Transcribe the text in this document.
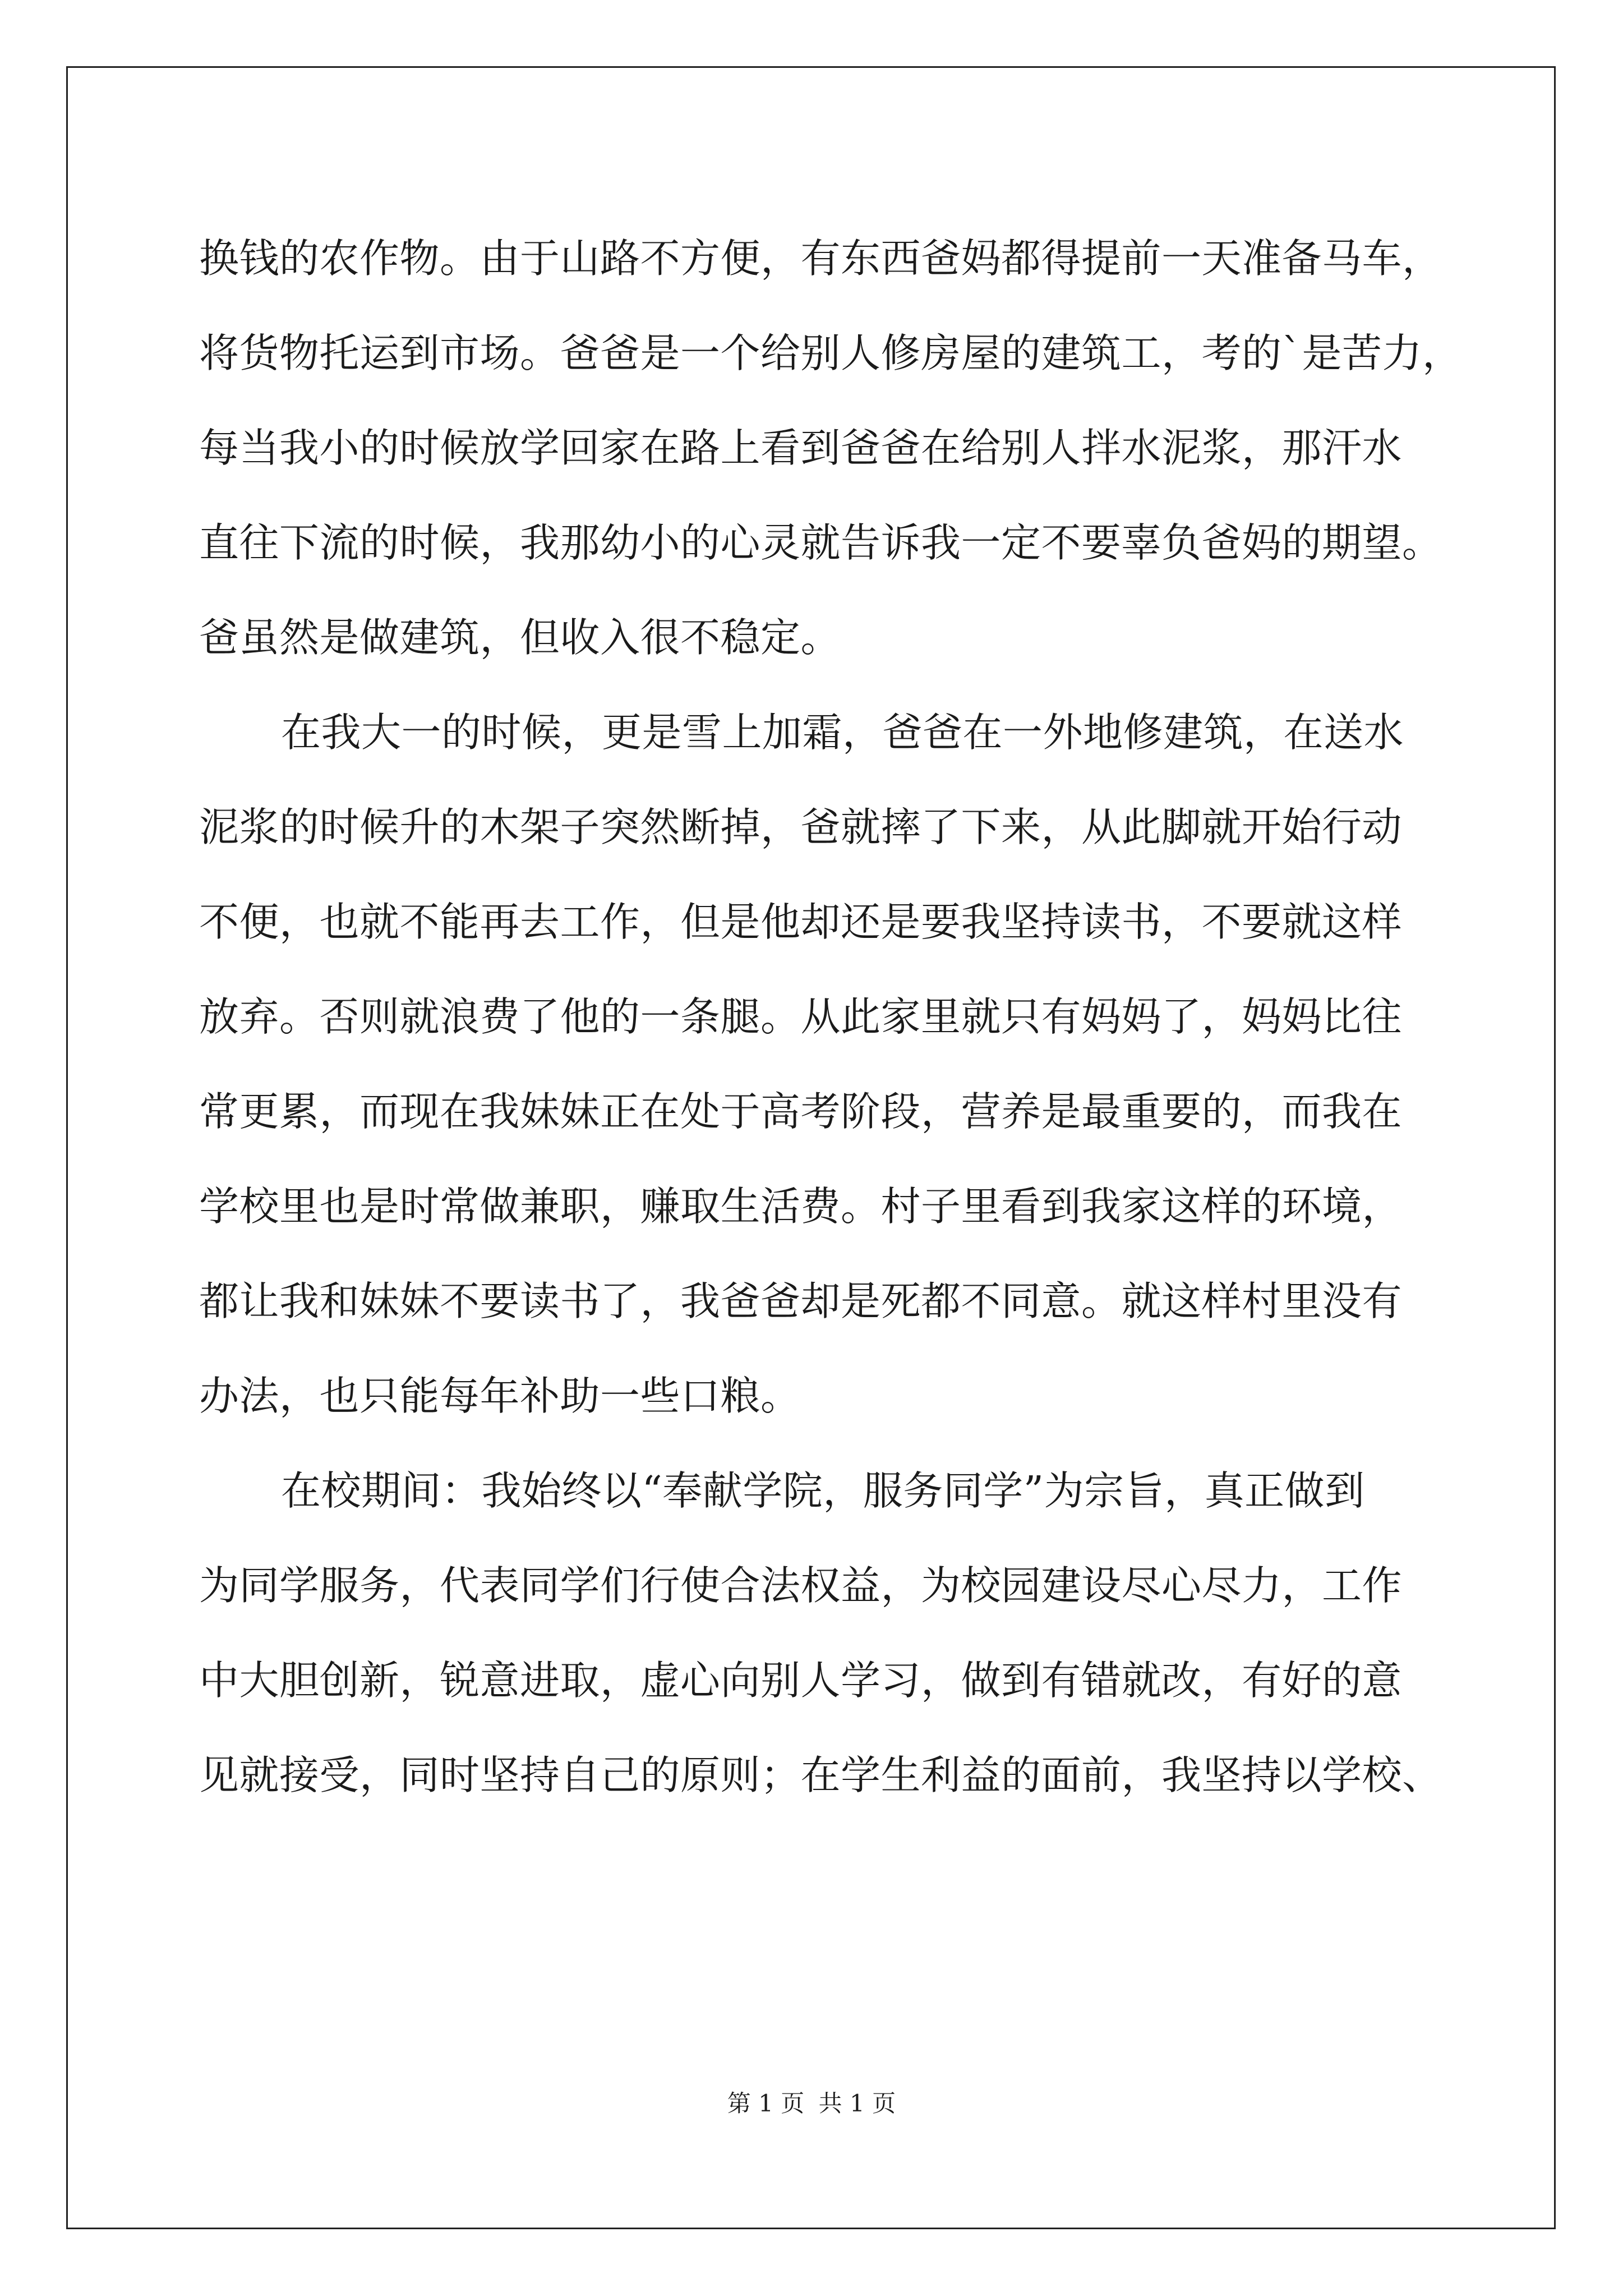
换钱的农作物。由于山路不方便，有东西爸妈都得提前一天准备马车，
将货物托运到市场。爸爸是一个给别人修房屋的建筑工，考的`是苦力，
每当我小的时候放学回家在路上看到爸爸在给别人拌水泥浆，那汗水
直往下流的时候，我那幼小的心灵就告诉我一定不要辜负爸妈的期望。
爸虽然是做建筑，但收入很不稳定。
在我大一的时候，更是雪上加霜，爸爸在一外地修建筑，在送水
泥浆的时候升的木架子突然断掉，爸就摔了下来，从此脚就开始行动
不便，也就不能再去工作，但是他却还是要我坚持读书，不要就这样
放弃。否则就浪费了他的一条腿。从此家里就只有妈妈了，妈妈比往
常更累，而现在我妹妹正在处于高考阶段，营养是最重要的，而我在
学校里也是时常做兼职，赚取生活费。村子里看到我家这样的环境，
都让我和妹妹不要读书了，我爸爸却是死都不同意。就这样村里没有
办法，也只能每年补助一些口粮。
在校期间：我始终以“奉献学院，服务同学”为宗旨，真正做到
为同学服务，代表同学们行使合法权益，为校园建设尽心尽力，工作
中大胆创新，锐意进取，虚心向别人学习，做到有错就改，有好的意
见就接受，同时坚持自己的原则；在学生利益的面前，我坚持以学校、
第 1 页 共 1 页
